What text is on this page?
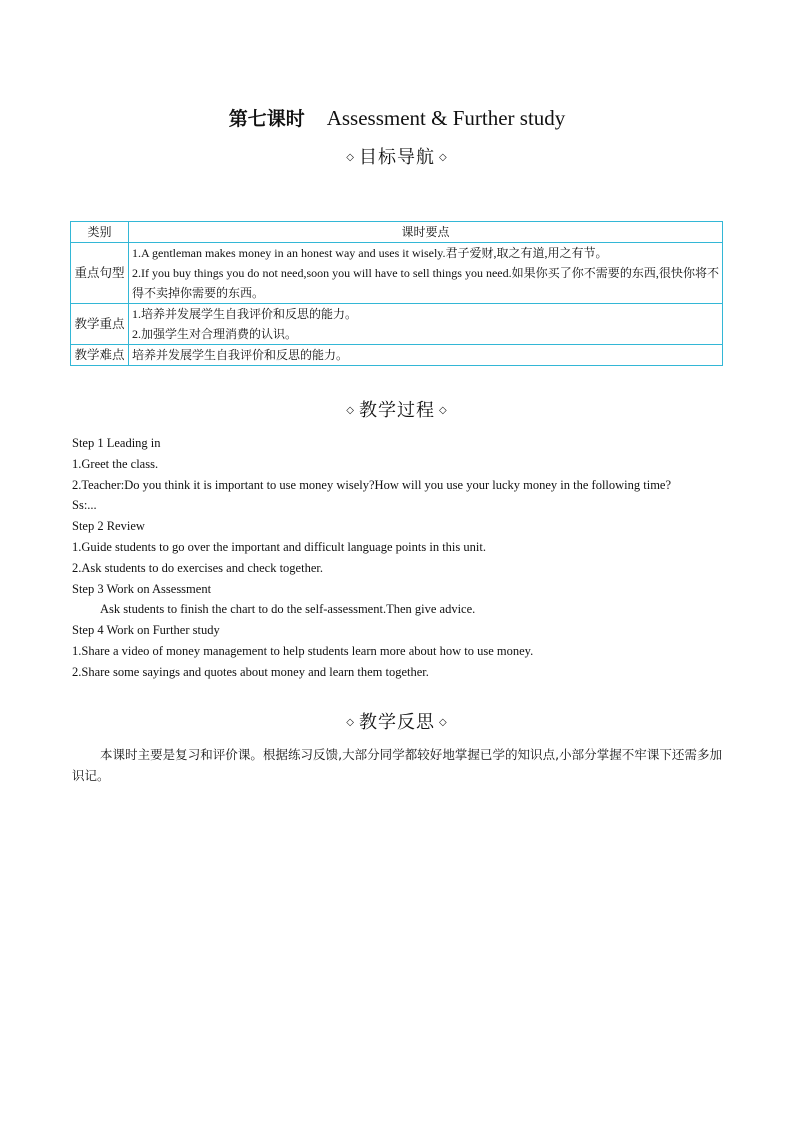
第七课时 Assessment & Further study
◇ 目标导航 ◇
类别	课时要点
重点句型	1.A gentleman makes money in an honest way and uses it wisely.君子爱财,取之有道,用之有节。
2.If you buy things you do not need,soon you will have to sell things you need.如果你买了你不需要的东西,很快你将不得不卖掉你需要的东西。

教学重点	1.培养并发展学生自我评价和反思的能力。
2.加强学生对合理消费的认识。

教学难点	培养并发展学生自我评价和反思的能力。
◇ 教学过程 ◇

Step 1 Leading in

1.Greet the class.

2.Teacher:Do you think it is important to use money wisely?How will you use your lucky money in the following time?

Ss:...

Step 2 Review

1.Guide students to go over the important and difficult language points in this unit.

2.Ask students to do exercises and check together.

Step 3 Work on Assessment

Ask students to finish the chart to do the self-assessment.Then give advice.

Step 4 Work on Further study

1.Share a video of money management to help students learn more about how to use money.

2.Share some sayings and quotes about money and learn them together.

◇ 教学反思 ◇
本课时主要是复习和评价课。根据练习反馈,大部分同学都较好地掌握已学的知识点,小部分掌握不牢课下还需多加识记。
